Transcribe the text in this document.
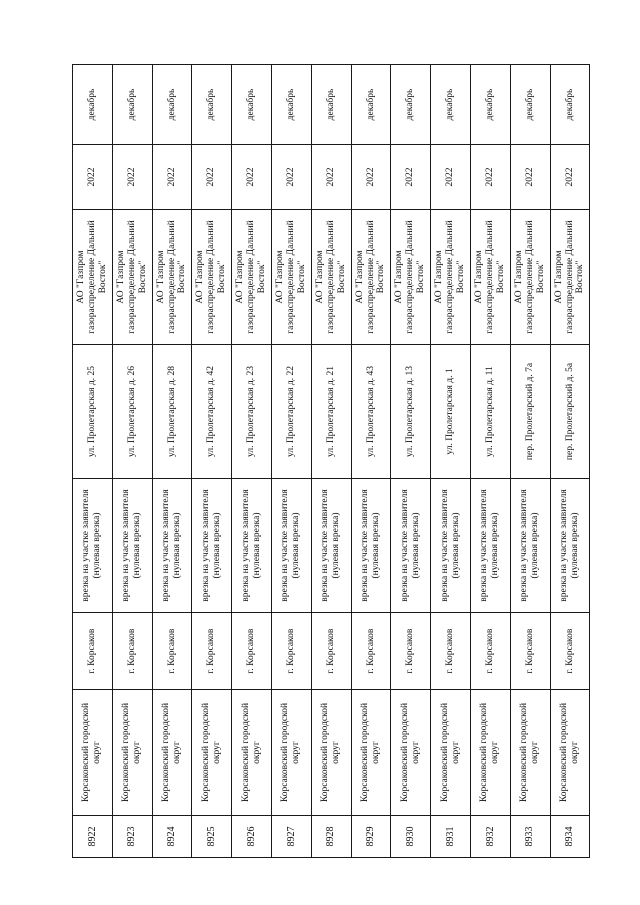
8922	Корсаковский городской округ	г. Корсаков	врезка на участке заявителя (нулевая врезка)	ул. Пролетарская д. 25	АО "Газпром газораспределение Дальний Восток"	2022	декабрь
8923	Корсаковский городской округ	г. Корсаков	врезка на участке заявителя (нулевая врезка)	ул. Пролетарская д. 26	АО "Газпром газораспределение Дальний Восток"	2022	декабрь
8924	Корсаковский городской округ	г. Корсаков	врезка на участке заявителя (нулевая врезка)	ул. Пролетарская д. 28	АО "Газпром газораспределение Дальний Восток"	2022	декабрь
8925	Корсаковский городской округ	г. Корсаков	врезка на участке заявителя (нулевая врезка)	ул. Пролетарская д. 42	АО "Газпром газораспределение Дальний Восток"	2022	декабрь
8926	Корсаковский городской округ	г. Корсаков	врезка на участке заявителя (нулевая врезка)	ул. Пролетарская д. 23	АО "Газпром газораспределение Дальний Восток"	2022	декабрь
8927	Корсаковский городской округ	г. Корсаков	врезка на участке заявителя (нулевая врезка)	ул. Пролетарская д. 22	АО "Газпром газораспределение Дальний Восток"	2022	декабрь
8928	Корсаковский городской округ	г. Корсаков	врезка на участке заявителя (нулевая врезка)	ул. Пролетарская д. 21	АО "Газпром газораспределение Дальний Восток"	2022	декабрь
8929	Корсаковский городской округ	г. Корсаков	врезка на участке заявителя (нулевая врезка)	ул. Пролетарская д. 43	АО "Газпром газораспределение Дальний Восток"	2022	декабрь
8930	Корсаковский городской округ	г. Корсаков	врезка на участке заявителя (нулевая врезка)	ул. Пролетарская д. 13	АО "Газпром газораспределение Дальний Восток"	2022	декабрь
8931	Корсаковский городской округ	г. Корсаков	врезка на участке заявителя (нулевая врезка)	ул. Пролетарская д. 1	АО "Газпром газораспределение Дальний Восток"	2022	декабрь
8932	Корсаковский городской округ	г. Корсаков	врезка на участке заявителя (нулевая врезка)	ул. Пролетарская д. 11	АО "Газпром газораспределение Дальний Восток"	2022	декабрь
8933	Корсаковский городской округ	г. Корсаков	врезка на участке заявителя (нулевая врезка)	пер. Пролетарский д. 7а	АО "Газпром газораспределение Дальний Восток"	2022	декабрь
8934	Корсаковский городской округ	г. Корсаков	врезка на участке заявителя (нулевая врезка)	пер. Пролетарский д. 5а	АО "Газпром газораспределение Дальний Восток"	2022	декабрь
